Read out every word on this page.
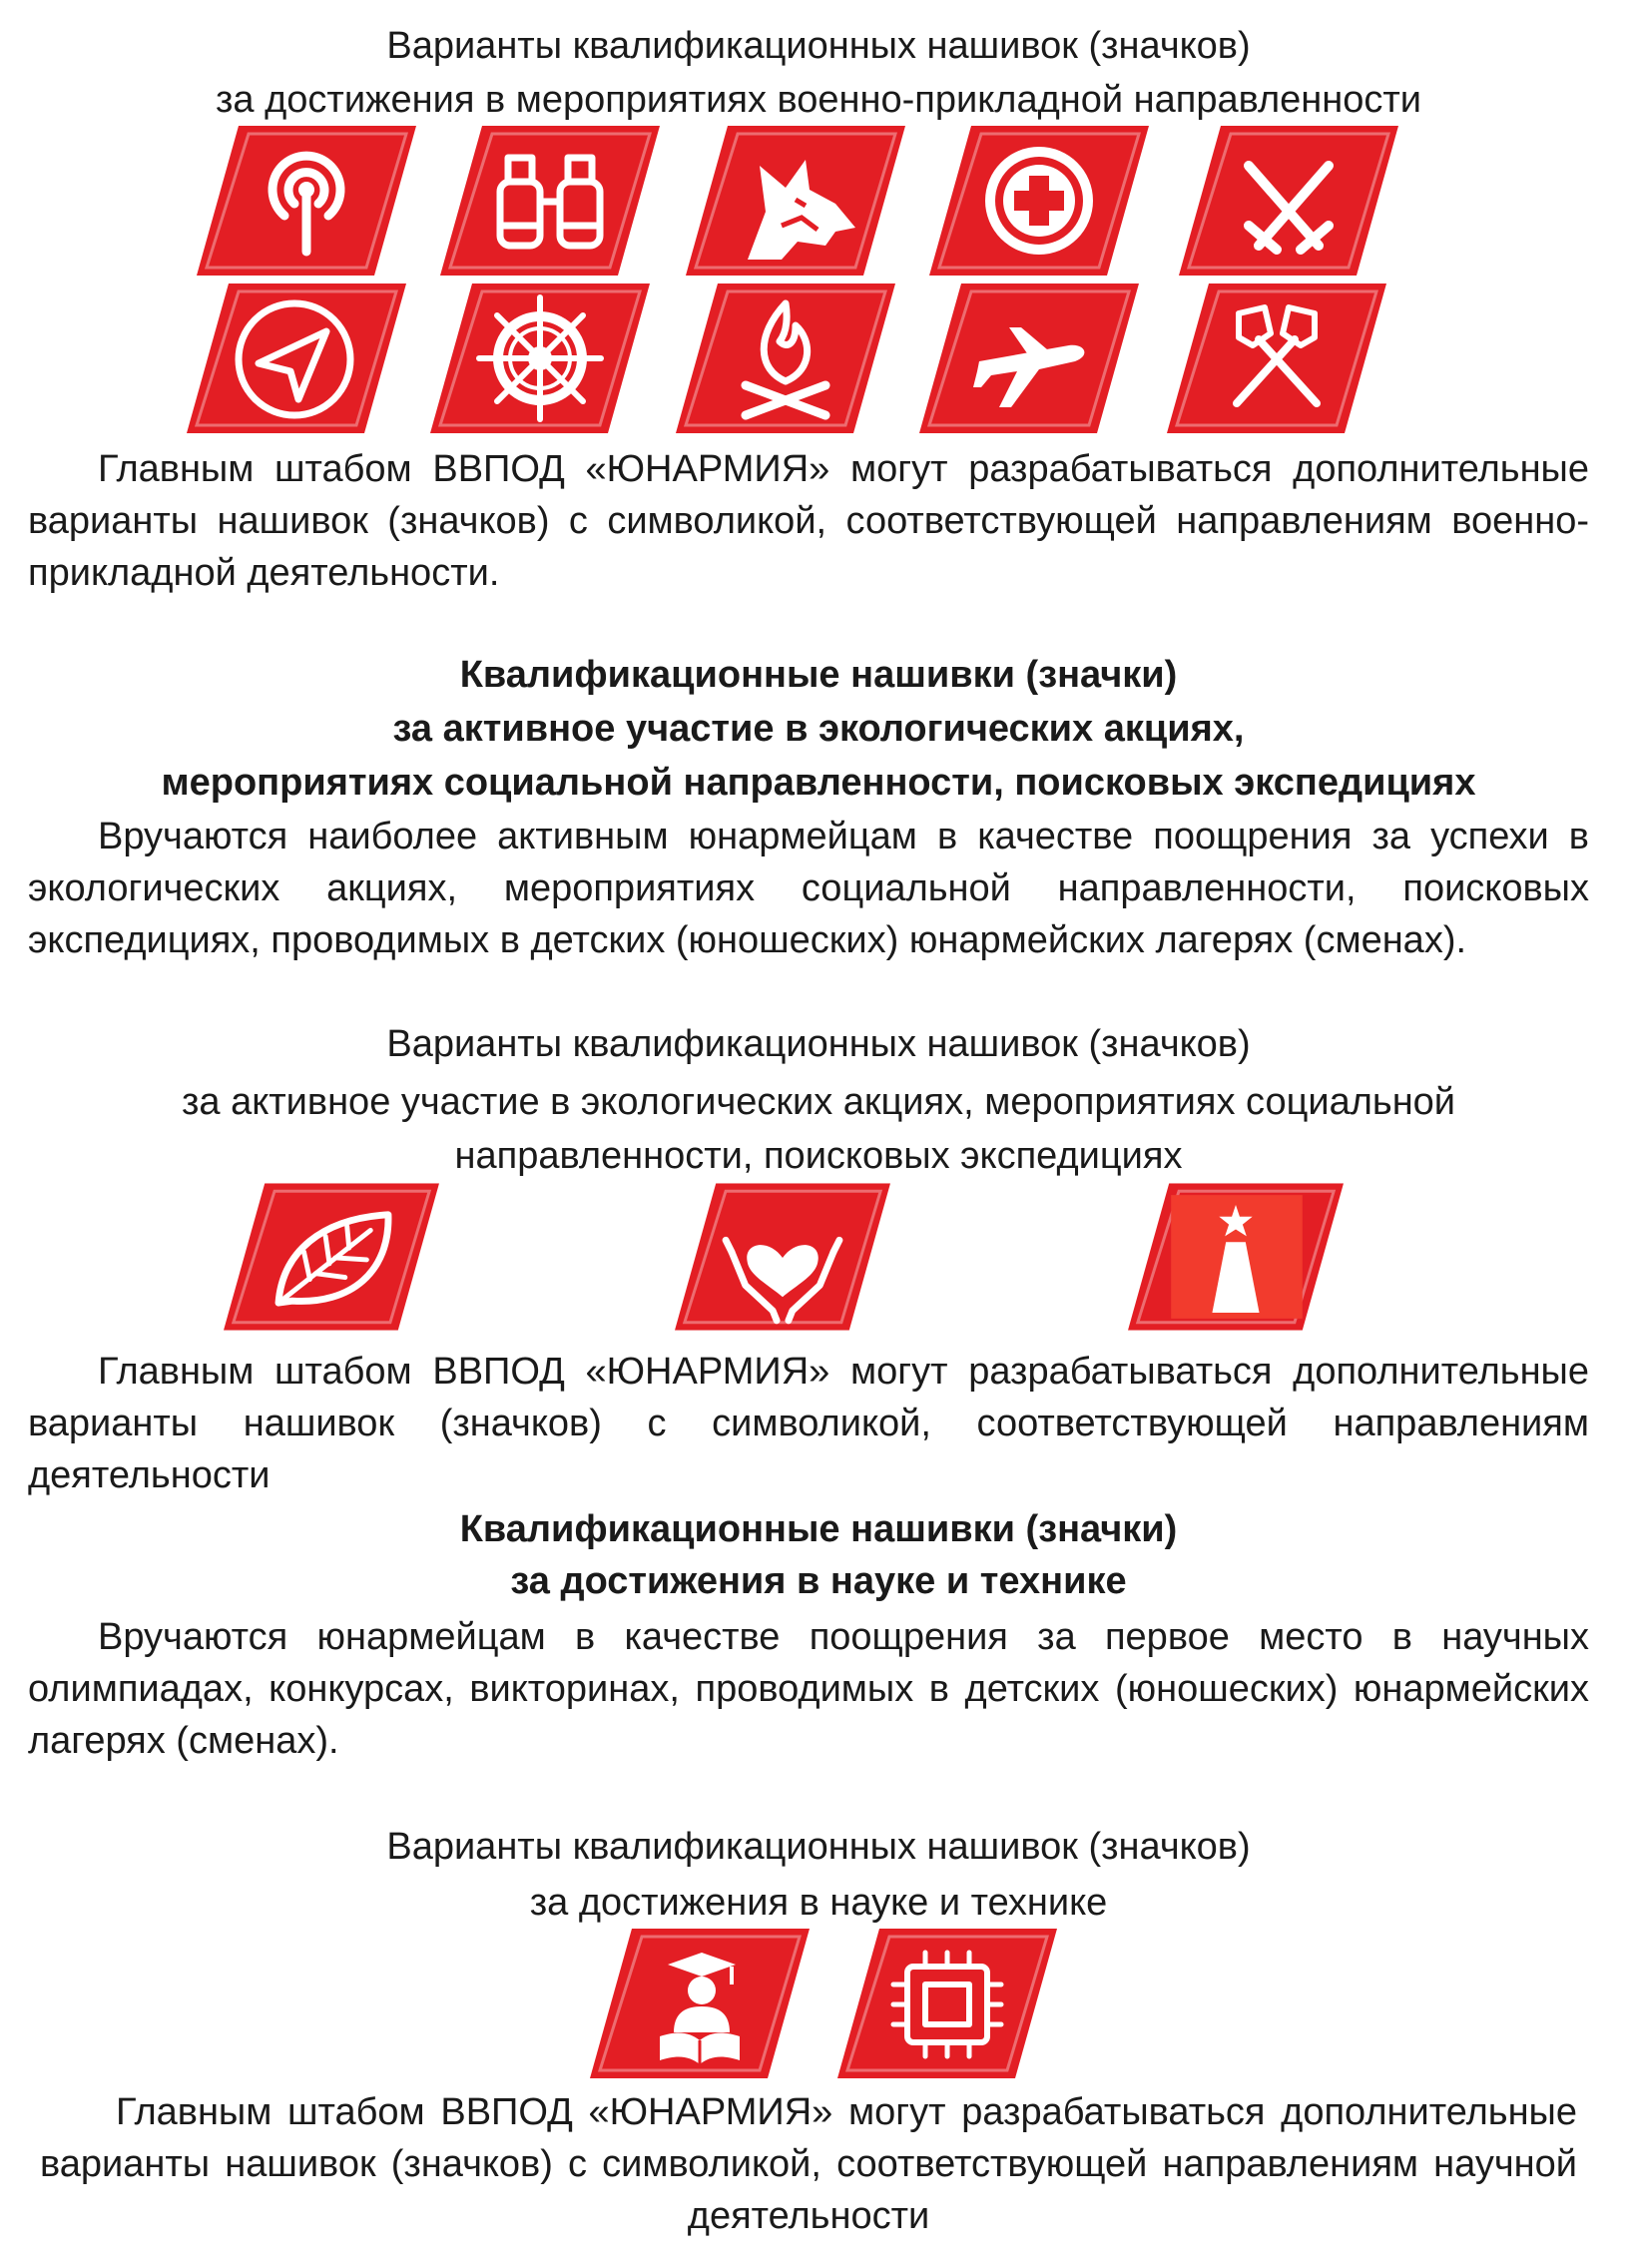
Варианты квалификационных нашивок (значков)
за достижения в мероприятиях военно-прикладной направленности
Главным штабом ВВПОД «ЮНАРМИЯ» могут разрабатываться дополнительные
варианты нашивок (значков) с символикой, соответствующей направлениям военно-
прикладной деятельности.
Квалификационные нашивки (значки)
за активное участие в экологических акциях,
мероприятиях социальной направленности, поисковых экспедициях
Вручаются наиболее активным юнармейцам в качестве поощрения за успехи в
экологических акциях, мероприятиях социальной направленности, поисковых
экспедициях, проводимых в детских (юношеских) юнармейских лагерях (сменах).
Варианты квалификационных нашивок (значков)
за активное участие в экологических акциях, мероприятиях социальной
направленности, поисковых экспедициях
Главным штабом ВВПОД «ЮНАРМИЯ» могут разрабатываться дополнительные
варианты нашивок (значков) с символикой, соответствующей направлениям
деятельности
Квалификационные нашивки (значки)
за достижения в науке и технике
Вручаются юнармейцам в качестве поощрения за первое место в научных
олимпиадах, конкурсах, викторинах, проводимых в детских (юношеских) юнармейских
лагерях (сменах).
Варианты квалификационных нашивок (значков)
за достижения в науке и технике
Главным штабом ВВПОД «ЮНАРМИЯ» могут разрабатываться дополнительные
варианты нашивок (значков) с символикой, соответствующей направлениям научной
деятельности
